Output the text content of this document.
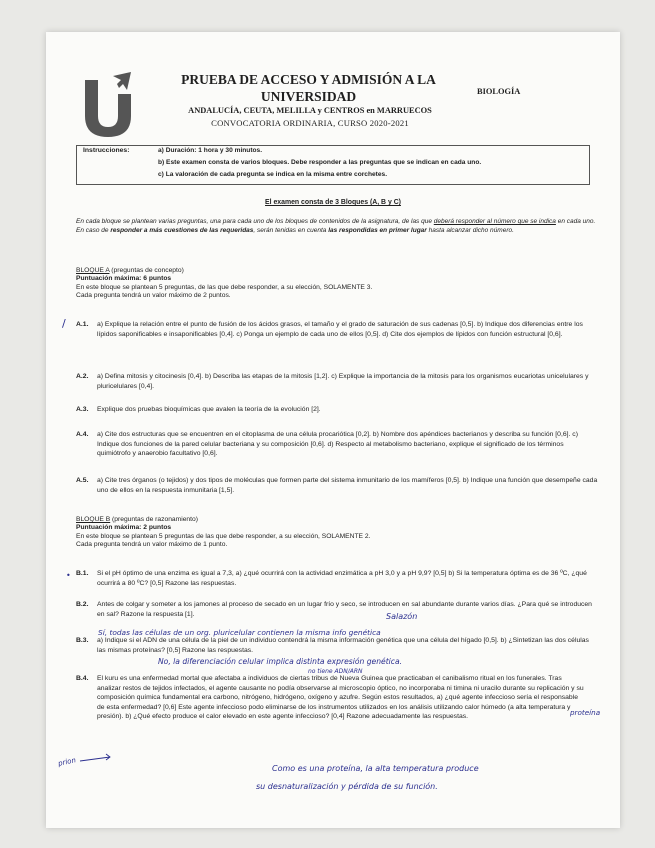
PRUEBA DE ACCESO Y ADMISIÓN A LA
UNIVERSIDAD
ANDALUCÍA, CEUTA, MELILLA y CENTROS en MARRUECOS
CONVOCATORIA ORDINARIA, CURSO 2020-2021
BIOLOGÍA
Instrucciones:	a) Duración: 1 hora y 30 minutos.
b) Este examen consta de varios bloques. Debe responder a las preguntas que se indican en cada uno.
c) La valoración de cada pregunta se indica en la misma entre corchetes.
El examen consta de 3 Bloques (A, B y C)
En cada bloque se plantean varias preguntas, una para cada uno de los bloques de contenidos de la asignatura, de las que deberá responder al número que se indica en cada uno. En caso de responder a más cuestiones de las requeridas, serán tenidas en cuenta las respondidas en primer lugar hasta alcanzar dicho número.
BLOQUE A (preguntas de concepto)
Puntuación máxima: 6 puntos
En este bloque se plantean 5 preguntas, de las que debe responder, a su elección, SOLAMENTE 3.
Cada pregunta tendrá un valor máximo de 2 puntos.
/ A.1. a) Explique la relación entre el punto de fusión de los ácidos grasos, el tamaño y el grado de saturación de sus cadenas [0,5]. b) Indique dos diferencias entre los lípidos saponificables e insaponificables [0,4]. c) Ponga un ejemplo de cada uno de ellos [0,5]. d) Cite dos ejemplos de lípidos con función estructural [0,6].
A.2. a) Defina mitosis y citocinesis [0,4]. b) Describa las etapas de la mitosis [1,2]. c) Explique la importancia de la mitosis para los organismos eucariotas unicelulares y pluricelulares [0,4].
A.3. Explique dos pruebas bioquímicas que avalen la teoría de la evolución [2].
A.4. a) Cite dos estructuras que se encuentren en el citoplasma de una célula procariótica [0,2]. b) Nombre dos apéndices bacterianos y describa su función [0,6]. c) Indique dos funciones de la pared celular bacteriana y su composición [0,6]. d) Respecto al metabolismo bacteriano, explique el significado de los términos quimiótrofo y anaerobio facultativo [0,6].
A.5. a) Cite tres órganos (o tejidos) y dos tipos de moléculas que formen parte del sistema inmunitario de los mamíferos [0,5]. b) Indique una función que desempeñe cada uno de ellos en la respuesta inmunitaria [1,5].
BLOQUE B (preguntas de razonamiento)
Puntuación máxima: 2 puntos
En este bloque se plantean 5 preguntas de las que debe responder, a su elección, SOLAMENTE 2.
Cada pregunta tendrá un valor máximo de 1 punto.
• B.1. Si el pH óptimo de una enzima es igual a 7,3, a) ¿qué ocurrirá con la actividad enzimática a pH 3,0 y a pH 9,9? [0,5] b) Si la temperatura óptima es de 36 ºC, ¿qué ocurrirá a 80 ºC? [0,5] Razone las respuestas.
B.2. Antes de colgar y someter a los jamones al proceso de secado en un lugar frío y seco, se introducen en sal abundante durante varios días. ¿Para qué se introducen en sal? Razone la respuesta [1].
B.3. a) Indique si el ADN de una célula de la piel de un individuo contendrá la misma información genética que una célula del hígado [0,5]. b) ¿Sintetizan las dos células las mismas proteínas? [0,5] Razone las respuestas.
B.4. El kuru es una enfermedad mortal que afectaba a individuos de ciertas tribus de Nueva Guinea que practicaban el canibalismo ritual en los funerales. Tras analizar restos de tejidos infectados, el agente causante no podía observarse al microscopio óptico, no incorporaba ni timina ni uracilo durante su replicación y su composición química fundamental era carbono, nitrógeno, hidrógeno, oxígeno y azufre. Según estos resultados, a) ¿qué agente infeccioso sería el responsable de esta enfermedad? [0,6] Este agente infeccioso podo eliminarse de los instrumentos utilizados en los análisis utilizando calor húmedo (a alta temperatura y presión). b) ¿Qué efecto produce el calor elevado en este agente infeccioso? [0,4] Razone adecuadamente las respuestas.
Salazón
Sí, todas las células de un org. pluricelular contienen la misma info genética
No, la diferenciación celular implica distinta expresión genética.
no tiene ADN/ARN
proteína
prion
Como es una proteína, la alta temperatura produce
su desnaturalización y pérdida de su función.
